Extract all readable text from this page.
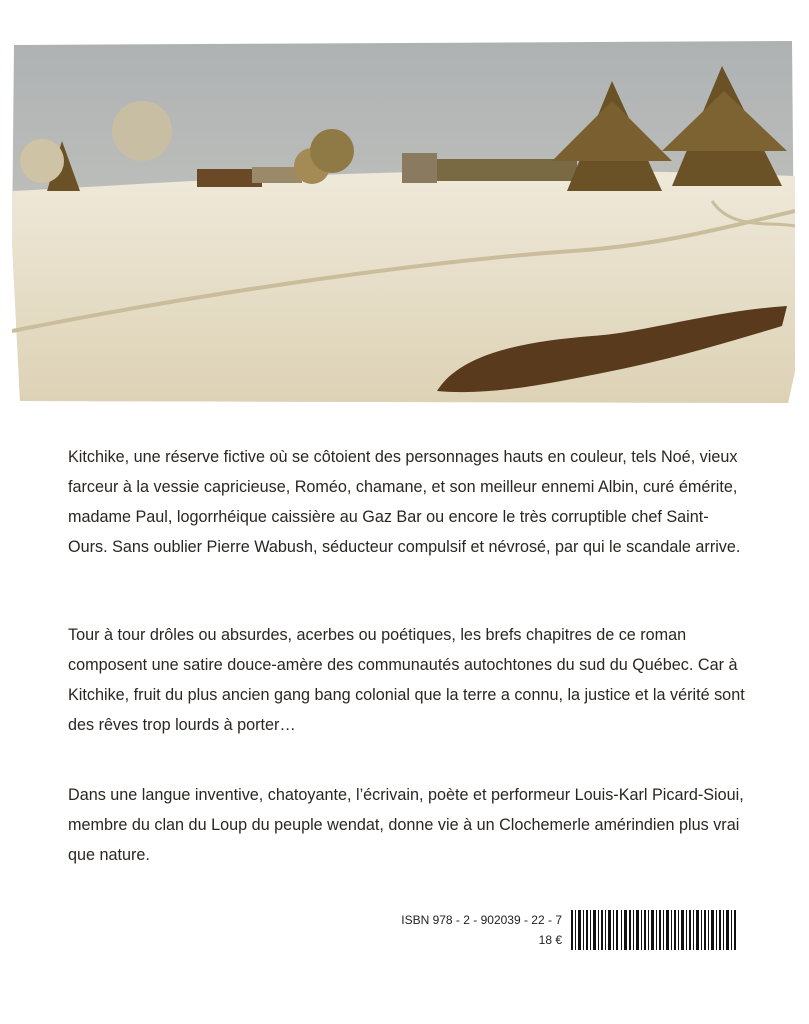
Kitchike, une réserve fictive où se côtoient des personnages hauts en couleur, tels Noé, vieux farceur à la vessie capricieuse, Roméo, chamane, et son meilleur ennemi Albin, curé émérite, madame Paul, logorrhéique caissière au Gaz Bar ou encore le très corruptible chef Saint-Ours. Sans oublier Pierre Wabush, séducteur compulsif et névrosé, par qui le scandale arrive.

Tour à tour drôles ou absurdes, acerbes ou poétiques, les brefs chapitres de ce roman composent une satire douce-amère des communautés autochtones du sud du Québec. Car à Kitchike, fruit du plus ancien gang bang colonial que la terre a connu, la justice et la vérité sont des rêves trop lourds à porter…

Dans une langue inventive, chatoyante, l’écrivain, poète et performeur Louis-Karl Picard-Sioui, membre du clan du Loup du peuple wendat, donne vie à un Clochemerle amérindien plus vrai que nature.

ISBN 978 - 2 - 902039 - 22 - 7
18 €
